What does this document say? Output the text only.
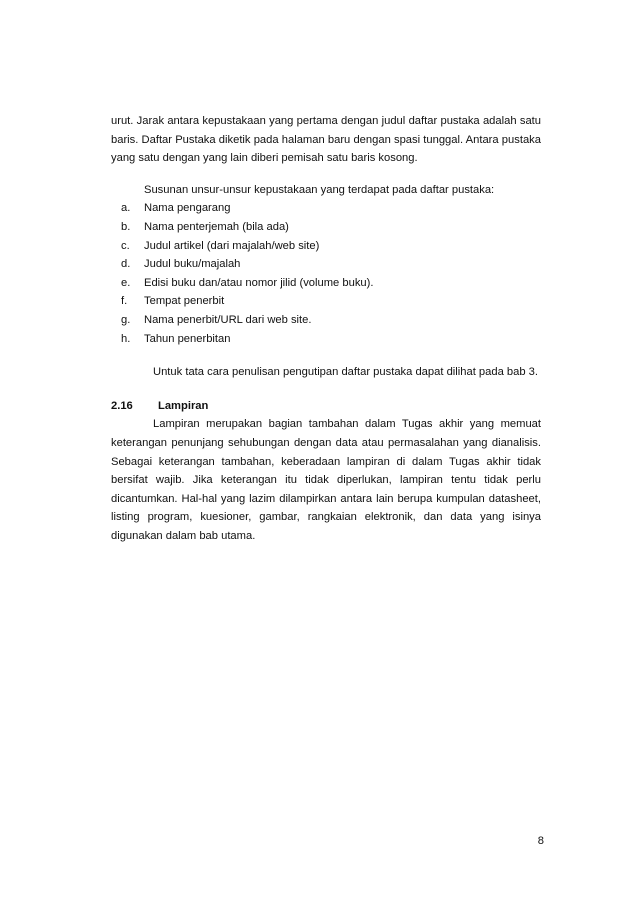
urut. Jarak antara kepustakaan yang pertama dengan judul daftar pustaka adalah satu baris. Daftar Pustaka diketik pada halaman baru dengan spasi tunggal. Antara pustaka yang satu dengan yang lain diberi pemisah satu baris kosong.

Susunan unsur-unsur kepustakaan yang terdapat pada daftar pustaka:

a. Nama pengarang
b. Nama penterjemah (bila ada)
c. Judul artikel (dari majalah/web site)
d. Judul buku/majalah
e. Edisi buku dan/atau nomor jilid (volume buku).
f. Tempat penerbit
g. Nama penerbit/URL dari web site.
h. Tahun penerbitan

Untuk tata cara penulisan pengutipan daftar pustaka dapat dilihat pada bab 3.

2.16 Lampiran

Lampiran merupakan bagian tambahan dalam Tugas akhir yang memuat keterangan penunjang sehubungan dengan data atau permasalahan yang dianalisis. Sebagai keterangan tambahan, keberadaan lampiran di dalam Tugas akhir tidak bersifat wajib. Jika keterangan itu tidak diperlukan, lampiran tentu tidak perlu dicantumkan. Hal-hal yang lazim dilampirkan antara lain berupa kumpulan datasheet, listing program, kuesioner, gambar, rangkaian elektronik, dan data yang isinya digunakan dalam bab utama.

8
